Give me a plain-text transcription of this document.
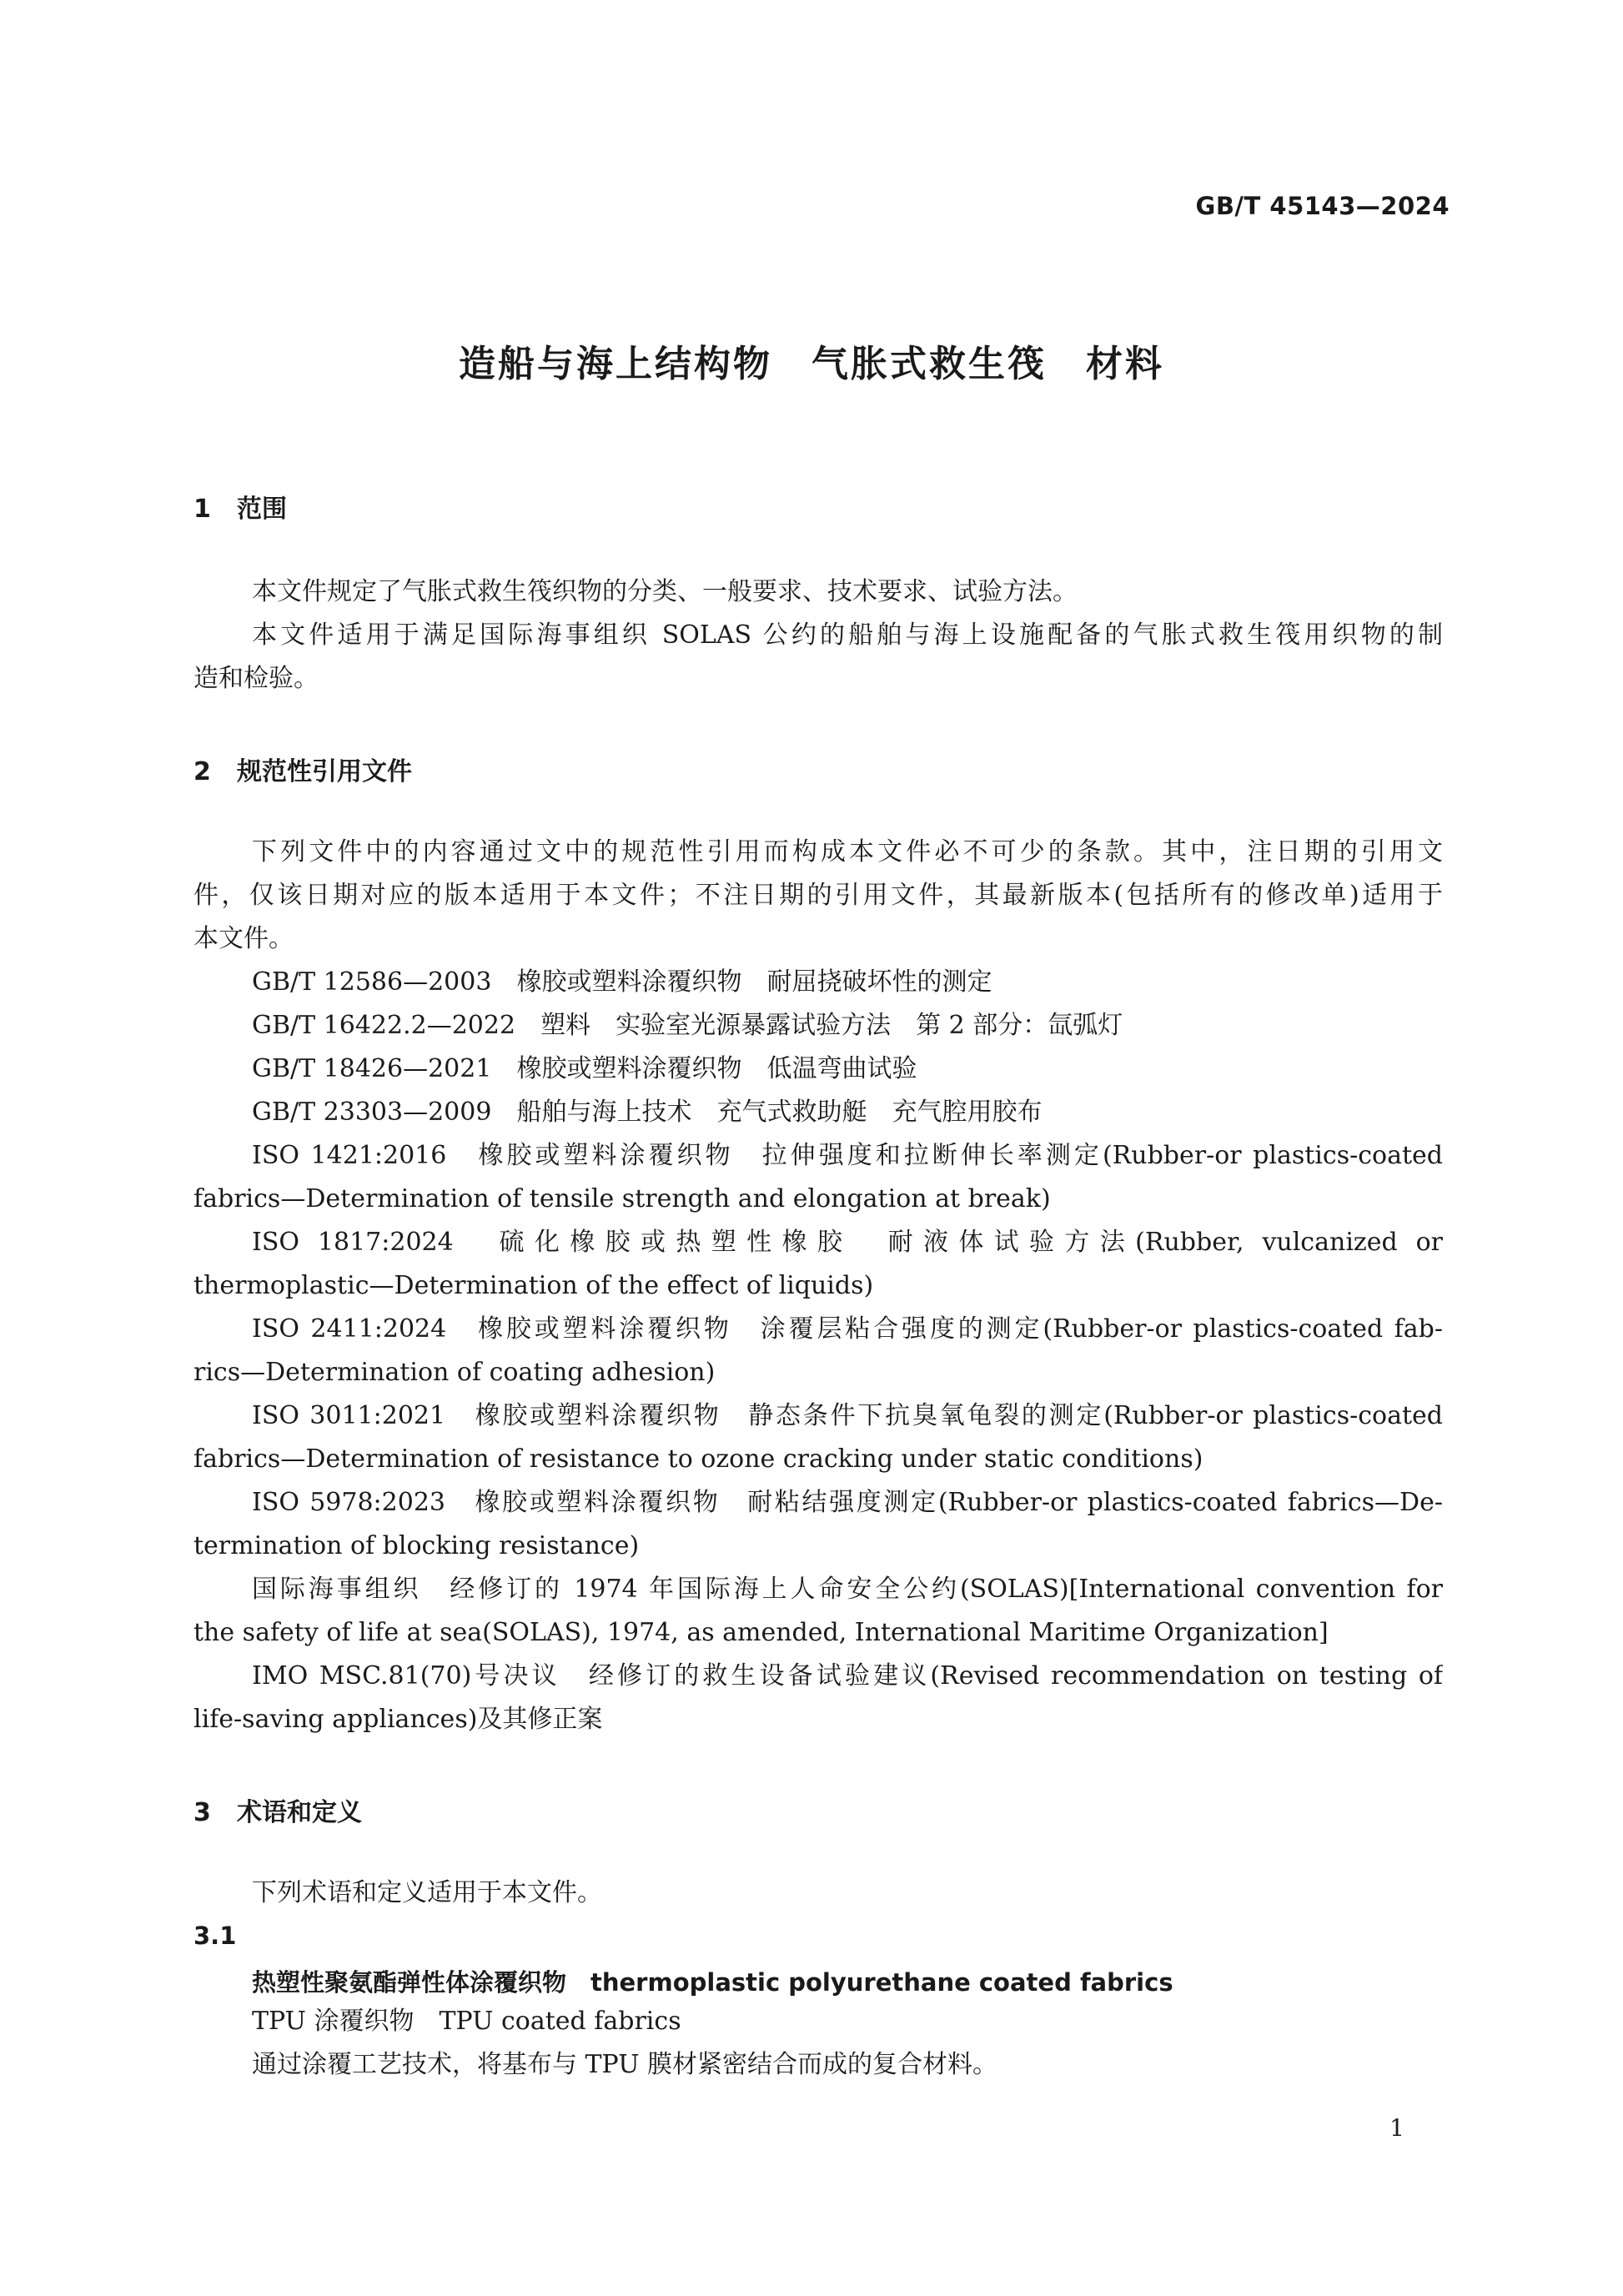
GB/T 45143—2024
造船与海上结构物　气胀式救生筏　材料
1 范围
本文件规定了气胀式救生筏织物的分类、一般要求、技术要求、试验方法。
本文件适用于满足国际海事组织 SOLAS 公约的船舶与海上设施配备的气胀式救生筏用织物的制
造和检验。
2 规范性引用文件
下列文件中的内容通过文中的规范性引用而构成本文件必不可少的条款。其中，注日期的引用文
件，仅该日期对应的版本适用于本文件；不注日期的引用文件，其最新版本(包括所有的修改单)适用于
本文件。
GB/T 12586—2003　橡胶或塑料涂覆织物　耐屈挠破坏性的测定
GB/T 16422.2—2022　塑料　实验室光源暴露试验方法　第 2 部分：氙弧灯
GB/T 18426—2021　橡胶或塑料涂覆织物　低温弯曲试验
GB/T 23303—2009　船舶与海上技术　充气式救助艇　充气腔用胶布
ISO 1421:2016　橡胶或塑料涂覆织物　拉伸强度和拉断伸长率测定(Rubber-or plastics-coated
fabrics—Determination of tensile strength and elongation at break)
ISO 1817:2024　硫化橡胶或热塑性橡胶　耐液体试验方法(Rubber, vulcanized or
thermoplastic—Determination of the effect of liquids)
ISO 2411:2024　橡胶或塑料涂覆织物　涂覆层粘合强度的测定(Rubber-or plastics-coated fab-
rics—Determination of coating adhesion)
ISO 3011:2021　橡胶或塑料涂覆织物　静态条件下抗臭氧龟裂的测定(Rubber-or plastics-coated
fabrics—Determination of resistance to ozone cracking under static conditions)
ISO 5978:2023　橡胶或塑料涂覆织物　耐粘结强度测定(Rubber-or plastics-coated fabrics—De-
termination of blocking resistance)
国际海事组织　经修订的 1974 年国际海上人命安全公约(SOLAS)[International convention for
the safety of life at sea(SOLAS), 1974, as amended, International Maritime Organization]
IMO MSC.81(70)号决议　经修订的救生设备试验建议(Revised recommendation on testing of
life-saving appliances)及其修正案
3 术语和定义
下列术语和定义适用于本文件。
3.1
热塑性聚氨酯弹性体涂覆织物　thermoplastic polyurethane coated fabrics
TPU 涂覆织物　TPU coated fabrics
通过涂覆工艺技术，将基布与 TPU 膜材紧密结合而成的复合材料。
1
